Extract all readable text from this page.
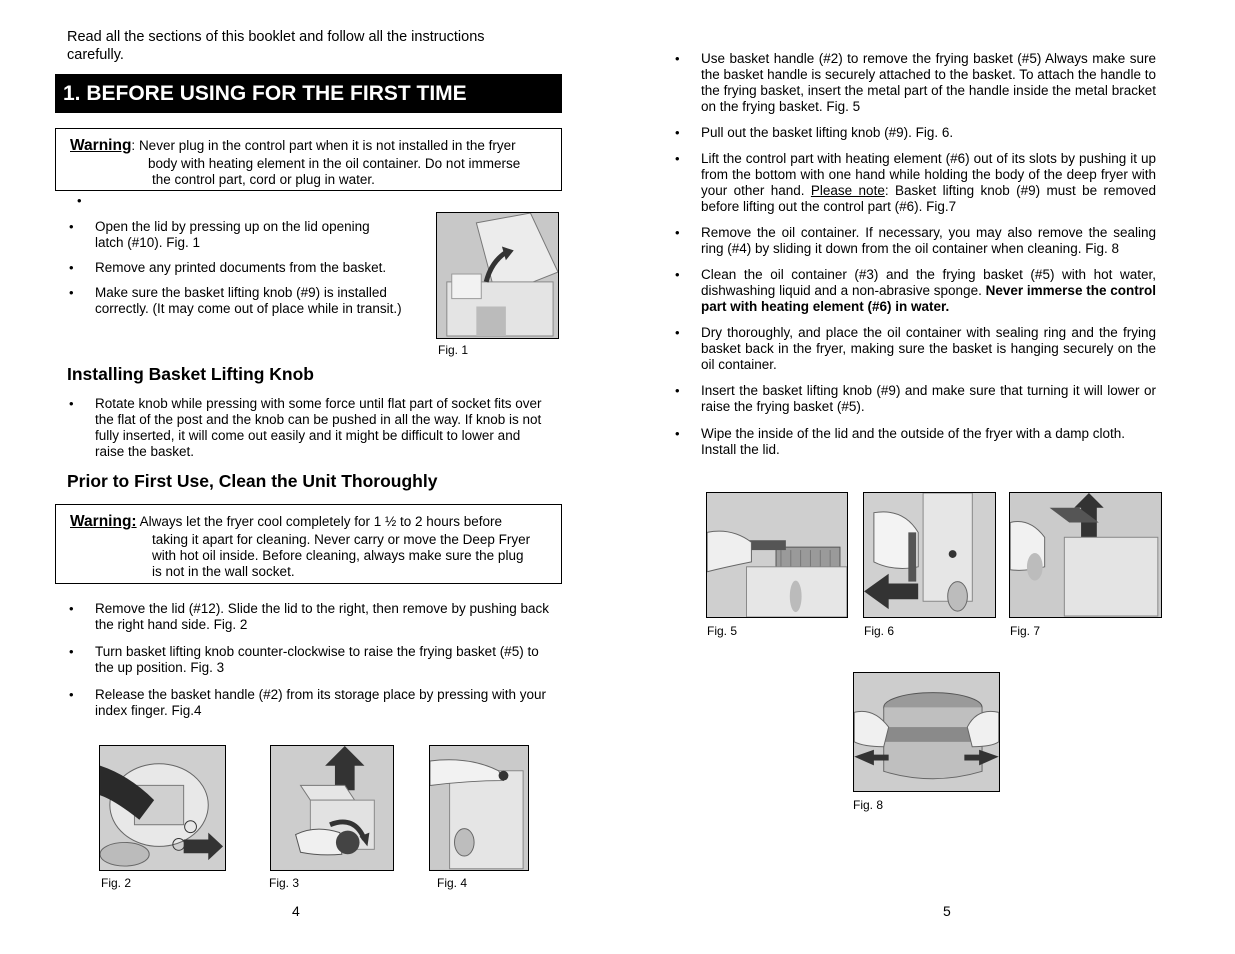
Read all the sections of this booklet and follow all the instructions carefully.
1. BEFORE USING FOR THE FIRST TIME
Warning: Never plug in the control part when it is not installed in the fryer
body with heating element in the oil container. Do not immerse
the control part, cord or plug in water.
•
• Open the lid by pressing up on the lid opening latch (#10). Fig. 1
• Remove any printed documents from the basket.
• Make sure the basket lifting knob (#9) is installed correctly. (It may come out of place while in transit.)
Fig. 1
Installing Basket Lifting Knob
• Rotate knob while pressing with some force until flat part of socket fits over the flat of the post and the knob can be pushed in all the way. If knob is not fully inserted, it will come out easily and it might be difficult to lower and raise the basket.
Prior to First Use, Clean the Unit Thoroughly
Warning: Always let the fryer cool completely for 1 ½ to 2 hours before
taking it apart for cleaning. Never carry or move the Deep Fryer
with hot oil inside. Before cleaning, always make sure the plug
is not in the wall socket.
• Remove the lid (#12). Slide the lid to the right, then remove by pushing back the right hand side. Fig. 2
• Turn basket lifting knob counter-clockwise to raise the frying basket (#5) to the up position. Fig. 3
• Release the basket handle (#2) from its storage place by pressing with your index finger. Fig.4
Fig. 2	Fig. 3	Fig. 4
4
• Use basket handle (#2) to remove the frying basket (#5) Always make sure the basket handle is securely attached to the basket. To attach the handle to the frying basket, insert the metal part of the handle inside the metal bracket on the frying basket. Fig. 5
• Pull out the basket lifting knob (#9). Fig. 6.
• Lift the control part with heating element (#6) out of its slots by pushing it up from the bottom with one hand while holding the body of the deep fryer with your other hand. Please note: Basket lifting knob (#9) must be removed before lifting out the control part (#6). Fig.7
• Remove the oil container. If necessary, you may also remove the sealing ring (#4) by sliding it down from the oil container when cleaning. Fig. 8
• Clean the oil container (#3) and the frying basket (#5) with hot water, dishwashing liquid and a non-abrasive sponge. Never immerse the control part with heating element (#6) in water.
• Dry thoroughly, and place the oil container with sealing ring and the frying basket back in the fryer, making sure the basket is hanging securely on the oil container.
• Insert the basket lifting knob (#9) and make sure that turning it will lower or raise the frying basket (#5).
• Wipe the inside of the lid and the outside of the fryer with a damp cloth. Install the lid.
Fig. 5	Fig. 6	Fig. 7
Fig. 8
5
